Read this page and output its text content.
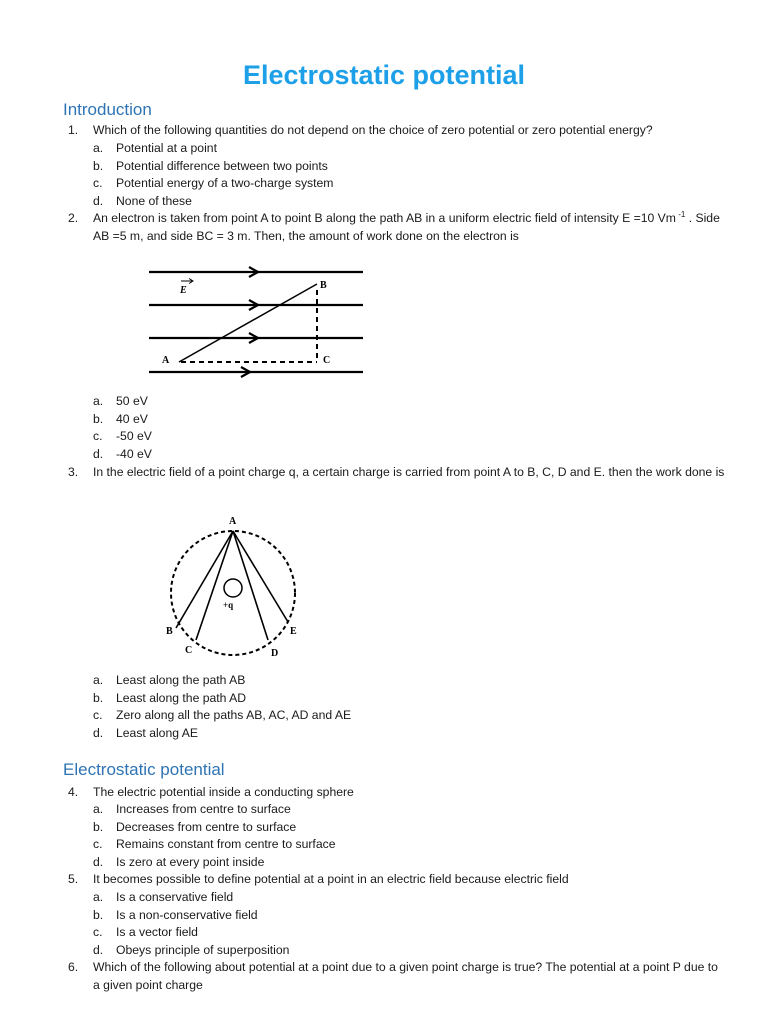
Electrostatic potential
Introduction
1. Which of the following quantities do not depend on the choice of zero potential or zero potential energy?
a. Potential at a point
b. Potential difference between two points
c. Potential energy of a two-charge system
d. None of these
2. An electron is taken from point A to point B along the path AB in a uniform electric field of intensity E =10 Vm $^{-1}$ . Side AB =5 m, and side BC = 3 m. Then, the amount of work done on the electron is
E	B
A	C
a. 50 eV
b. 40 eV
c. -50 eV
d. -40 eV
3. In the electric field of a point charge q, a certain charge is carried from point A to B, C, D and E. then the work done is
A
B
C	D
E
+q
a. Least along the path AB
b. Least along the path AD
c. Zero along all the paths AB, AC, AD and AE
d. Least along AE
Electrostatic potential
4. The electric potential inside a conducting sphere
a. Increases from centre to surface
b. Decreases from centre to surface
c. Remains constant from centre to surface
d. Is zero at every point inside
5. It becomes possible to define potential at a point in an electric field because electric field
a. Is a conservative field
b. Is a non-conservative field
c. Is a vector field
d. Obeys principle of superposition
6. Which of the following about potential at a point due to a given point charge is true? The potential at a point P due to a given point charge
